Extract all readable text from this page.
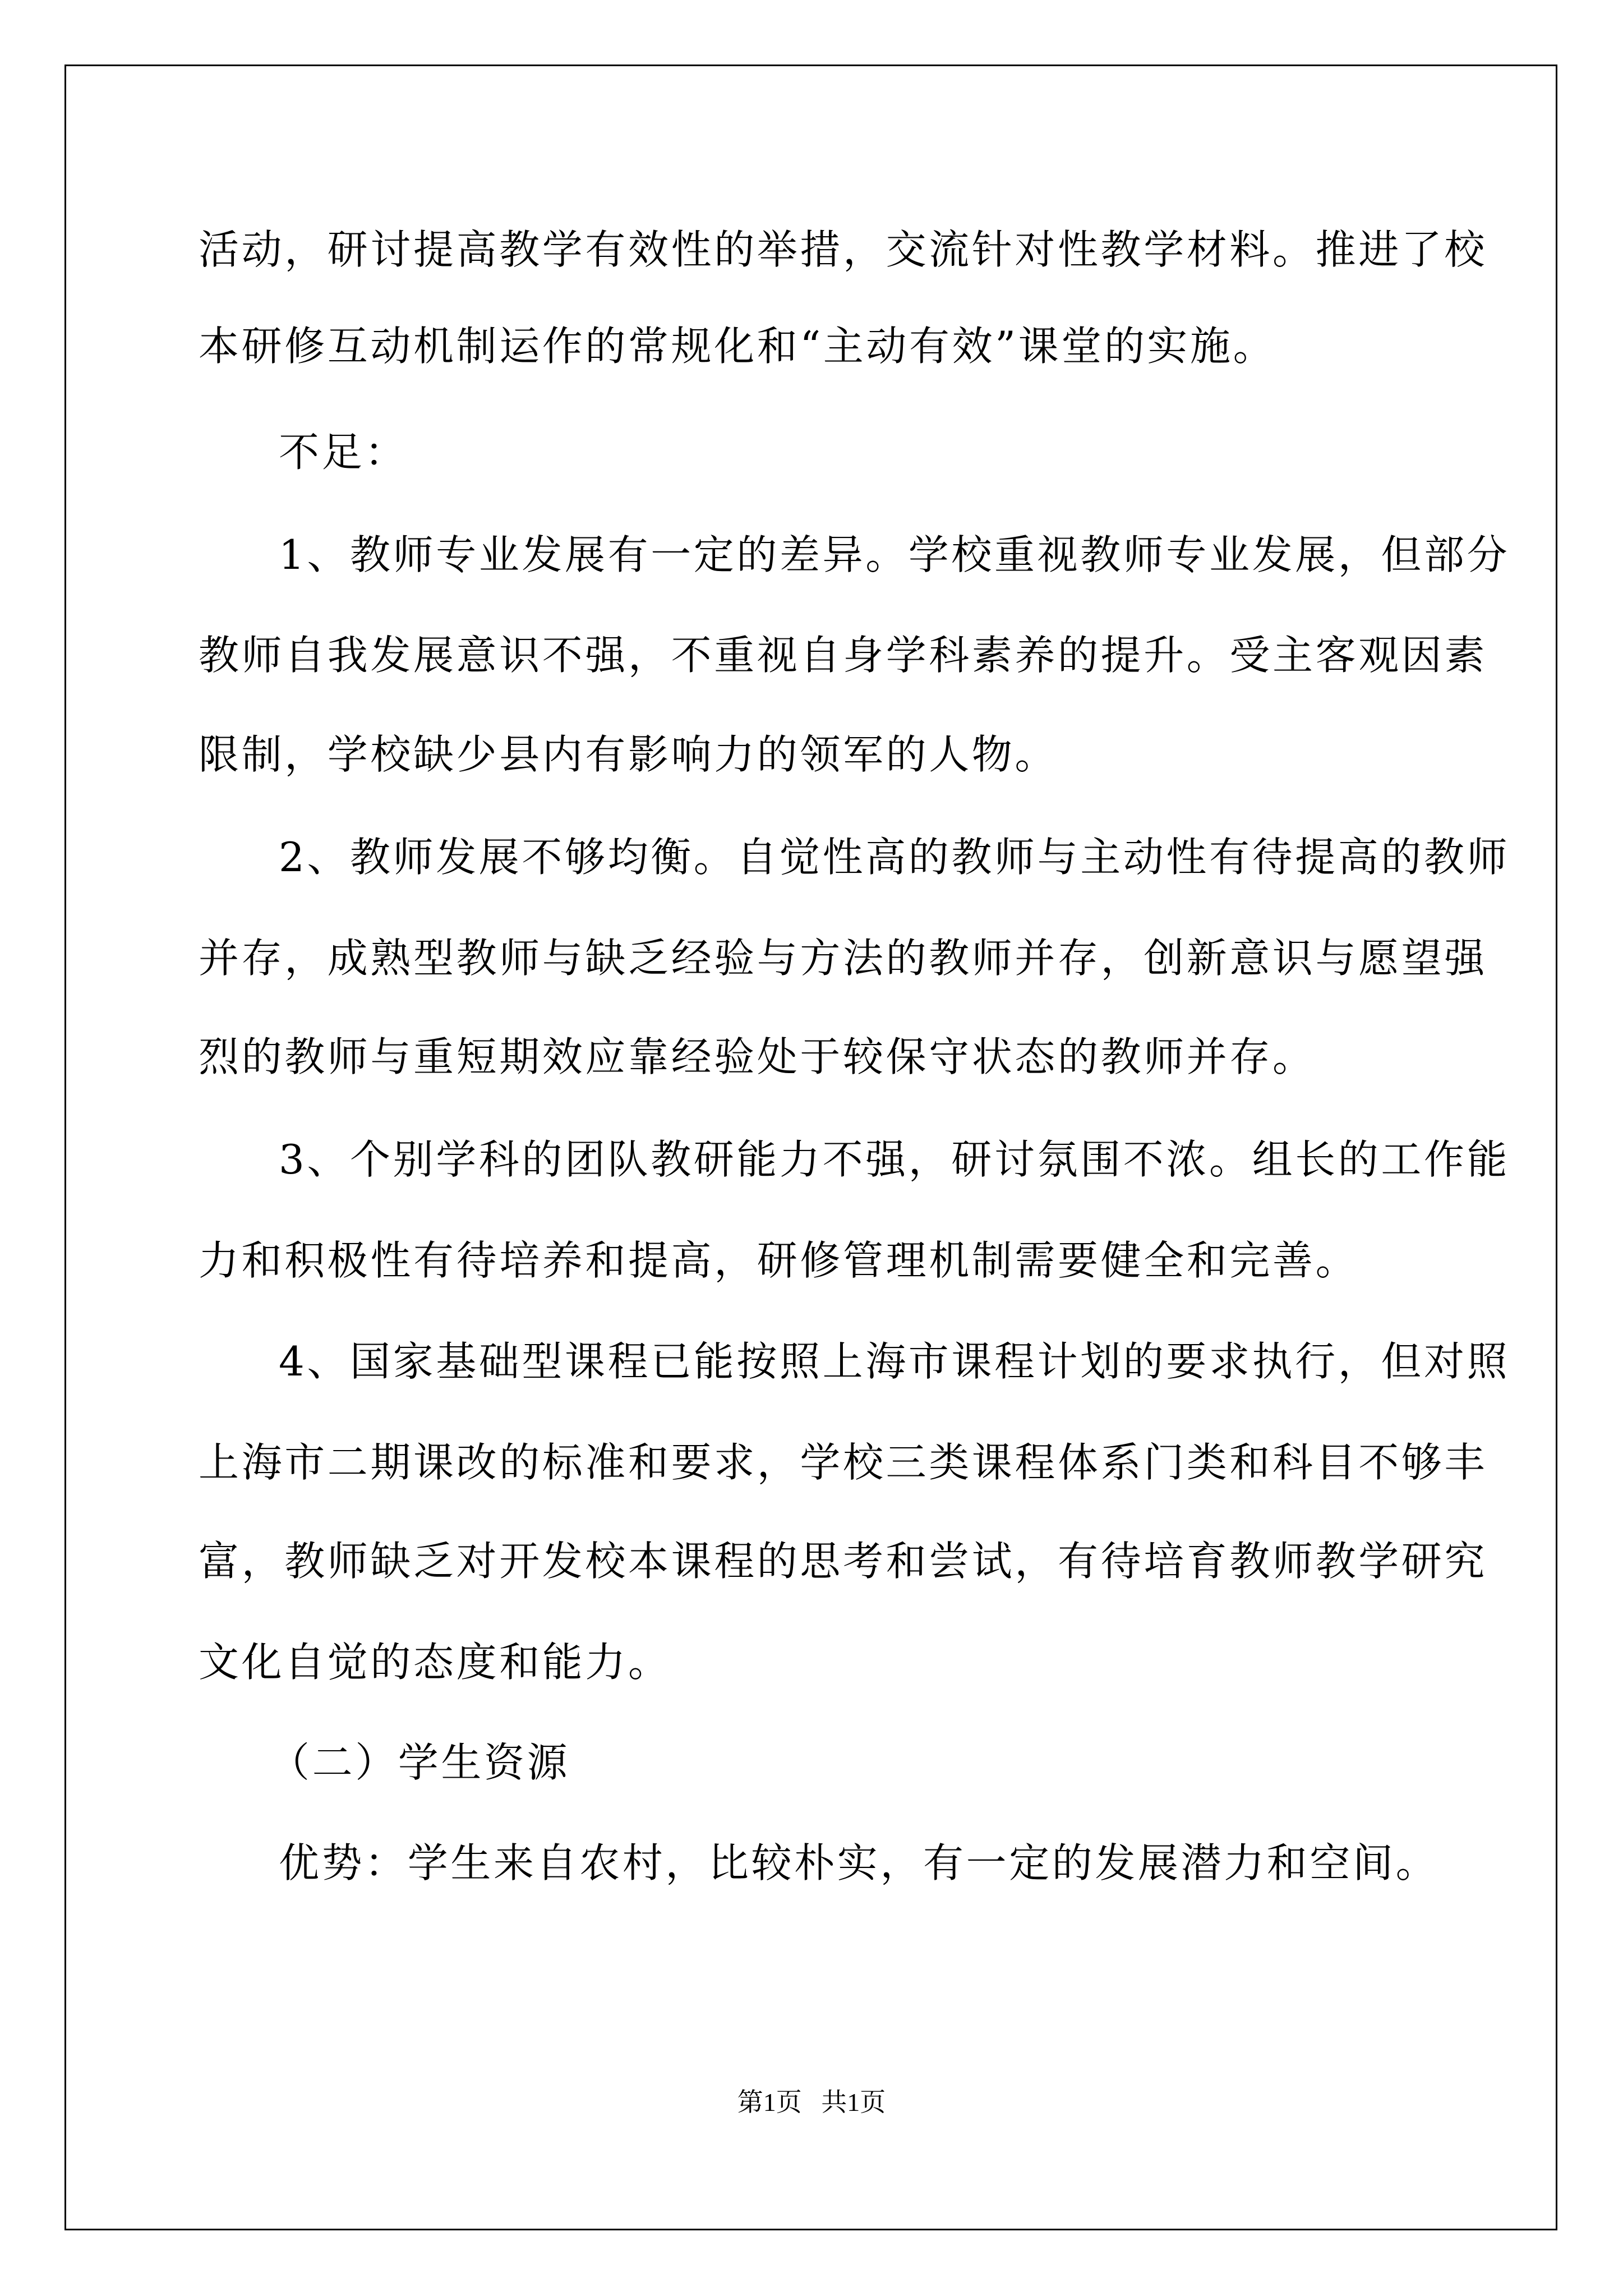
活动，研讨提高教学有效性的举措，交流针对性教学材料。推进了校
本研修互动机制运作的常规化和“主动有效”课堂的实施。
不足：
1、教师专业发展有一定的差异。学校重视教师专业发展，但部分
教师自我发展意识不强，不重视自身学科素养的提升。受主客观因素
限制，学校缺少县内有影响力的领军的人物。
2、教师发展不够均衡。自觉性高的教师与主动性有待提高的教师
并存，成熟型教师与缺乏经验与方法的教师并存，创新意识与愿望强
烈的教师与重短期效应靠经验处于较保守状态的教师并存。
3、个别学科的团队教研能力不强，研讨氛围不浓。组长的工作能
力和积极性有待培养和提高，研修管理机制需要健全和完善。
4、国家基础型课程已能按照上海市课程计划的要求执行，但对照
上海市二期课改的标准和要求，学校三类课程体系门类和科目不够丰
富，教师缺乏对开发校本课程的思考和尝试，有待培育教师教学研究
文化自觉的态度和能力。
（二）学生资源
优势：学生来自农村，比较朴实，有一定的发展潜力和空间。
第1页   共1页
